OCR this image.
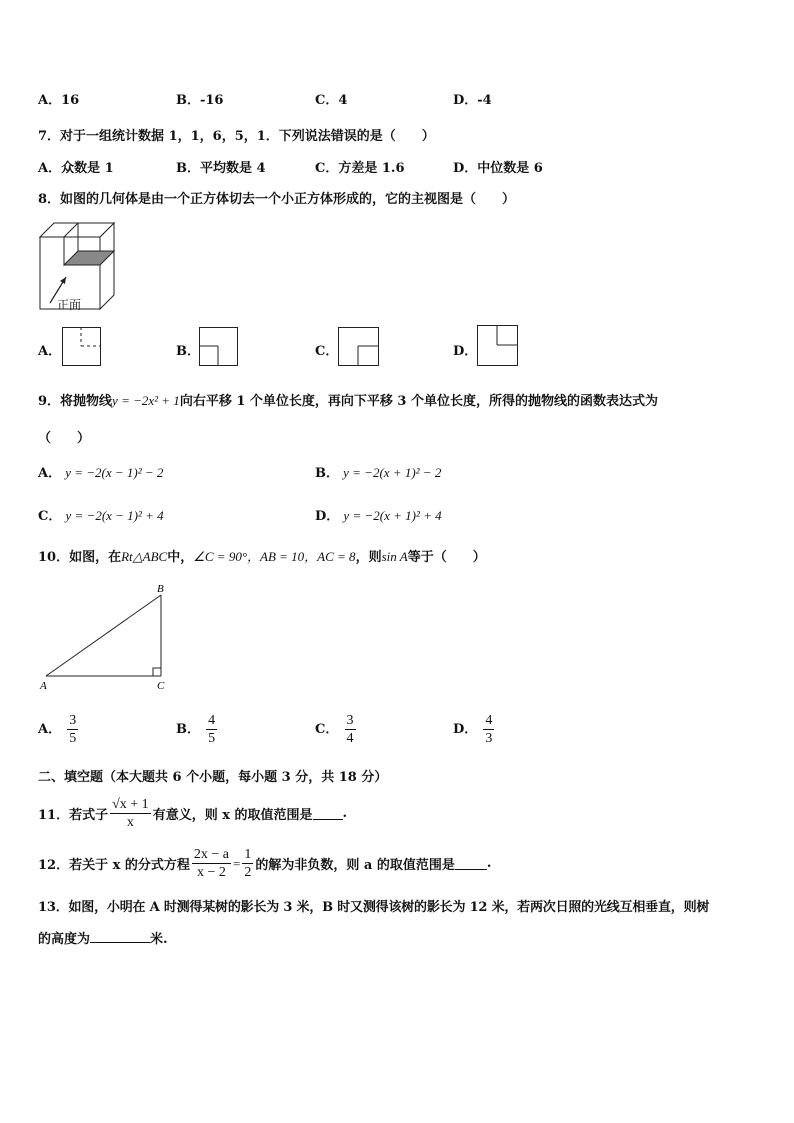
A．16	B．-16	C．4	D．-4
7．对于一组统计数据 1，1，6，5，1．下列说法错误的是（　　）
A．众数是 1	B．平均数是 4	C．方差是 1.6	D．中位数是 6
8．如图的几何体是由一个正方体切去一个小正方体形成的，它的主视图是（　　）
正面
A．	B．	C．	D．
9．将抛物线y = −2x² + 1向右平移 1 个单位长度，再向下平移 3 个单位长度，所得的抛物线的函数表达式为
（　　）
A． y = −2(x − 1)² − 2	B． y = −2(x + 1)² − 2
C． y = −2(x − 1)² + 4	D． y = −2(x + 1)² + 4
10．如图，在Rt△ABC中，∠C = 90°，AB = 10，AC = 8，则sin A等于（　　）
A
B
C
A． $\frac{3}{5}$	B． $\frac{4}{5}$	C． $\frac{3}{4}$	D． $\frac{4}{3}$
二、填空题（本大题共 6 个小题，每小题 3 分，共 18 分）
11．若式子 $\frac{√x + 1}{x}$ 有意义，则 x 的取值范围是 .
12．若关于 x 的分式方程 $\frac{2x - a}{x - 2} = \frac{1}{2}$ 的解为非负数，则 a 的取值范围是 .
13．如图，小明在 A 时测得某树的影长为 3 米，B 时又测得该树的影长为 12 米，若两次日照的光线互相垂直，则树
的高度为	米.
